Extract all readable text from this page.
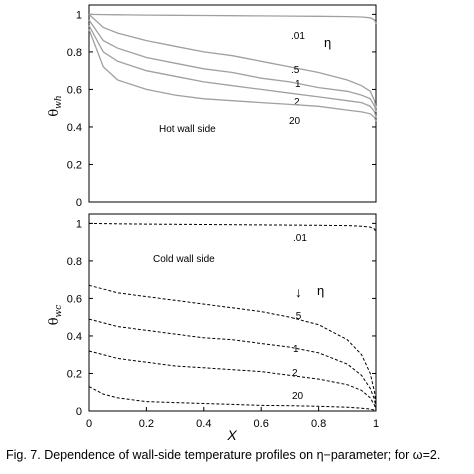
0
0.2
0.4
0.6
0.8
1
.01
.5
1
2
20
Hot wall side
η
θwh
0
0.2
0.4
0.6
0.8
1
0	0.2	0.4	0.6	0.8	1
.01
.5
1
2
20
Cold wall side
↓ η
θwc
X
Fig. 7. Dependence of wall-side temperature profiles on η−parameter; for ω=2.
